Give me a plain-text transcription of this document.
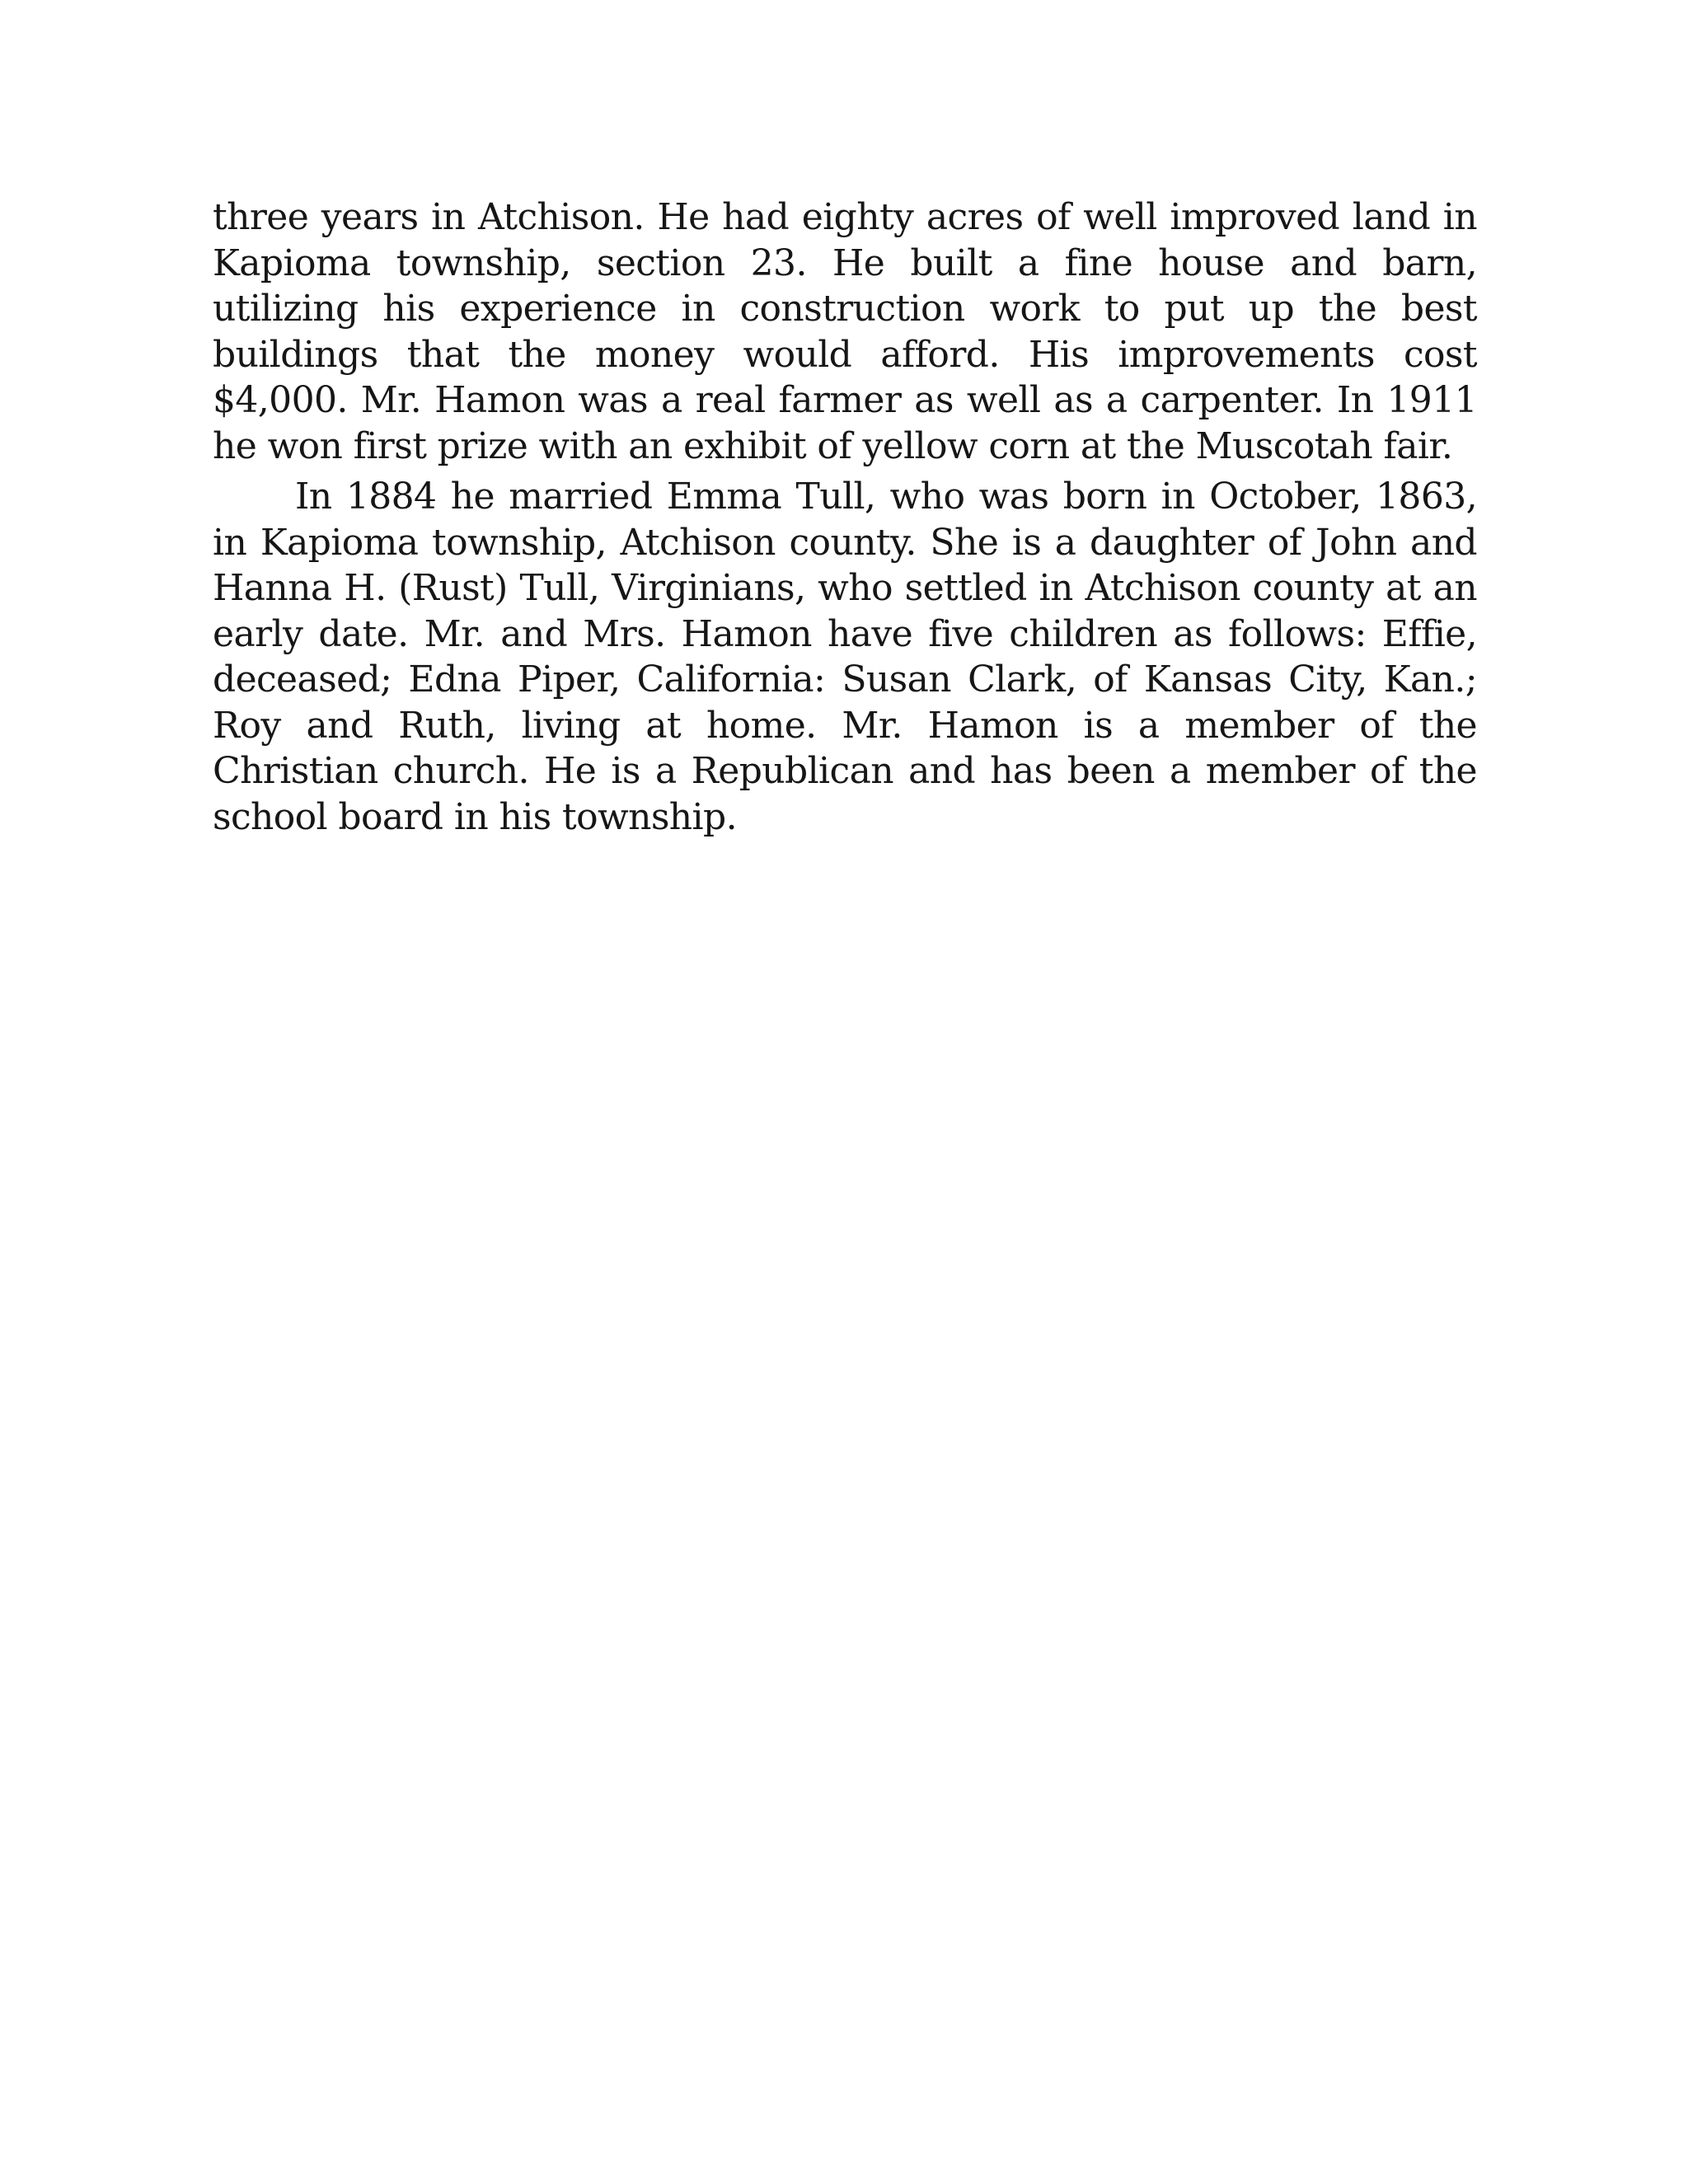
three years in Atchison. He had eighty acres of well improved land in Kapioma township, section 23. He built a fine house and barn, utilizing his experience in construction work to put up the best buildings that the money would afford. His improvements cost $4,000. Mr. Hamon was a real farmer as well as a carpenter. In 1911 he won first prize with an exhibit of yellow corn at the Muscotah fair.

In 1884 he married Emma Tull, who was born in October, 1863, in Kapioma township, Atchison county. She is a daughter of John and Hanna H. (Rust) Tull, Virginians, who settled in Atchison county at an early date. Mr. and Mrs. Hamon have five children as follows: Effie, deceased; Edna Piper, California: Susan Clark, of Kansas City, Kan.; Roy and Ruth, living at home. Mr. Hamon is a member of the Christian church. He is a Republican and has been a member of the school board in his township.
